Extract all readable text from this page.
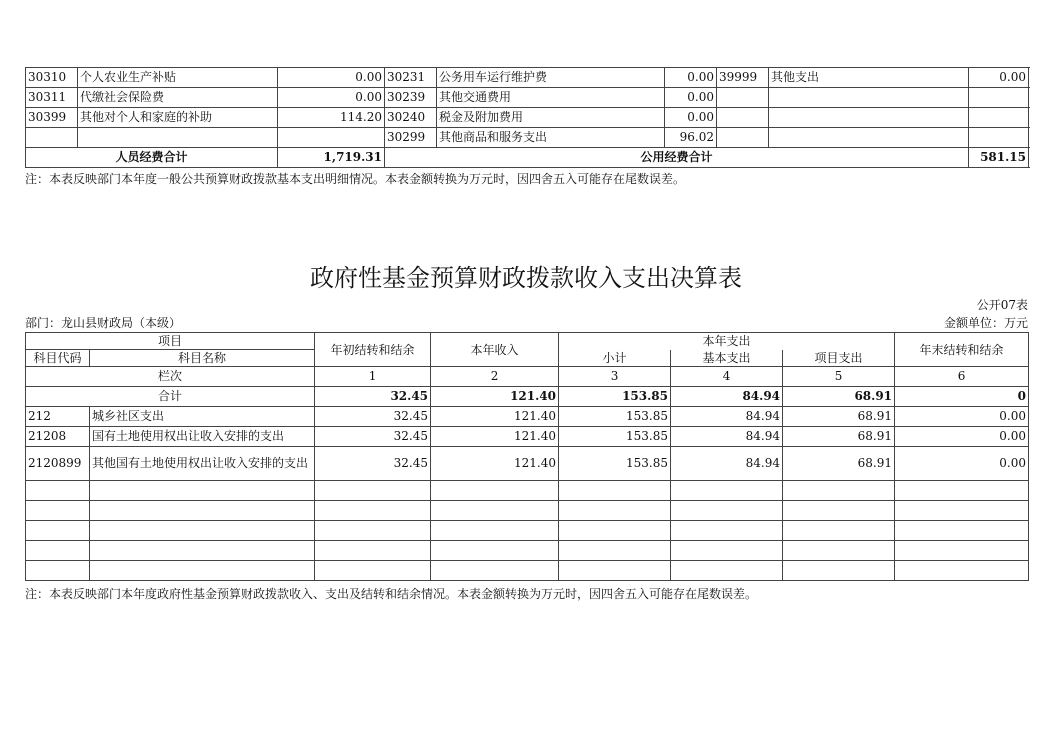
30310	个人农业生产补贴	0.00	30231	公务用车运行维护费	0.00	39999	其他支出	0.00
30311	代缴社会保险费	0.00	30239	其他交通费用	0.00			
30399	其他对个人和家庭的补助	114.20	30240	税金及附加费用	0.00			
			30299	其他商品和服务支出	96.02			
人员经费合计		1,719.31	公用经费合计					581.15
注：本表反映部门本年度一般公共预算财政拨款基本支出明细情况。本表金额转换为万元时，因四舍五入可能存在尾数误差。
政府性基金预算财政拨款收入支出决算表
公开07表
部门：龙山县财政局（本级）	金额单位：万元
项目		年初结转和结余	本年收入	本年支出			年末结转和结余
科目代码	科目名称			小计	基本支出	项目支出	
栏次		1	2	3	4	5	6
合计		32.45	121.40	153.85	84.94	68.91	0
212	城乡社区支出	32.45	121.40	153.85	84.94	68.91	0.00
21208	国有土地使用权出让收入安排的支出	32.45	121.40	153.85	84.94	68.91	0.00
2120899	其他国有土地使用权出让收入安排的支出	32.45	121.40	153.85	84.94	68.91	0.00

注：本表反映部门本年度政府性基金预算财政拨款收入、支出及结转和结余情况。本表金额转换为万元时，因四舍五入可能存在尾数误差。
